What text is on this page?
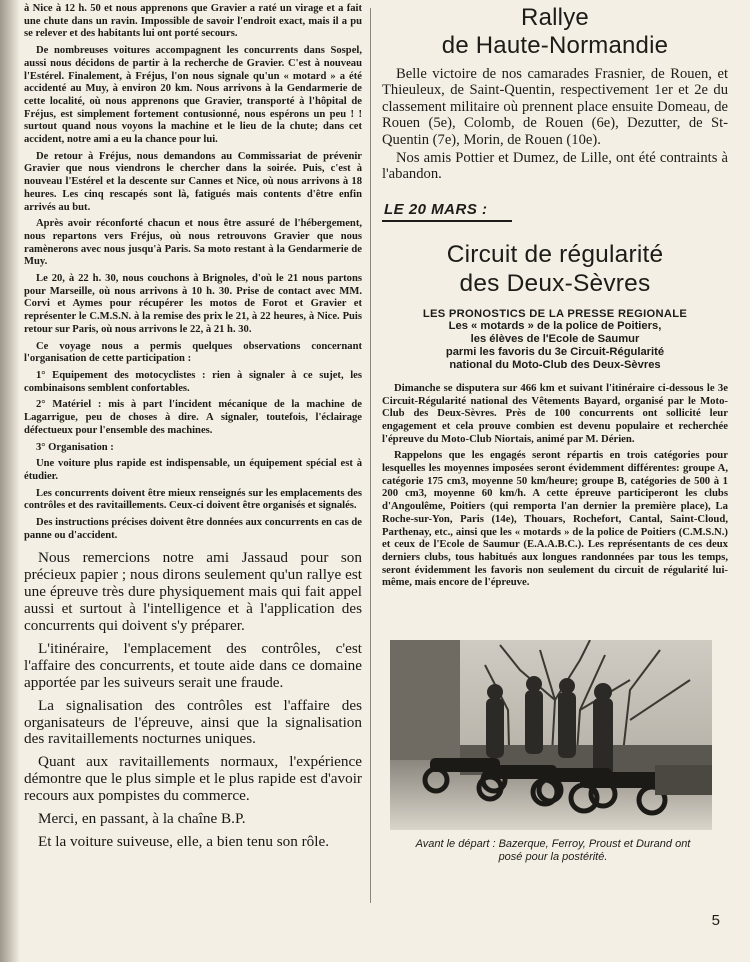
à Nice à 12 h. 50 et nous apprenons que Gravier a raté un virage et a fait une chute dans un ravin. Impossible de savoir l'endroit exact, mais il a pu se relever et des habitants lui ont porté secours.

De nombreuses voitures accompagnent les concurrents dans Sospel, aussi nous décidons de partir à la recherche de Gravier. C'est à nouveau l'Estérel. Finalement, à Fréjus, l'on nous signale qu'un « motard » a été accidenté au Muy, à environ 20 km. Nous arrivons à la Gendarmerie de cette localité, où nous apprenons que Gravier, transporté à l'hôpital de Fréjus, est simplement fortement contusionné, nous espérons un peu ! ! surtout quand nous voyons la machine et le lieu de la chute; dans cet accident, notre ami a eu la chance pour lui.

De retour à Fréjus, nous demandons au Commissariat de prévenir Gravier que nous viendrons le chercher dans la soirée. Puis, c'est à nouveau l'Estérel et la descente sur Cannes et Nice, où nous arrivons à 18 heures. Les cinq rescapés sont là, fatigués mais contents d'être enfin arrivés au but.

Après avoir réconforté chacun et nous être assuré de l'hébergement, nous repartons vers Fréjus, où nous retrouvons Gravier que nous ramènerons avec nous jusqu'à Paris. Sa moto restant à la Gendarmerie de Muy.

Le 20, à 22 h. 30, nous couchons à Brignoles, d'où le 21 nous partons pour Marseille, où nous arrivons à 10 h. 30. Prise de contact avec MM. Corvi et Aymes pour récupérer les motos de Forot et Gravier et représenter le C.M.S.N. à la remise des prix le 21, à 22 heures, à Nice. Puis retour sur Paris, où nous arrivons le 22, à 21 h. 30.

Ce voyage nous a permis quelques observations concernant l'organisation de cette participation :

1° Equipement des motocyclistes : rien à signaler à ce sujet, les combinaisons semblent confortables.

2° Matériel : mis à part l'incident mécanique de la machine de Lagarrigue, peu de choses à dire. A signaler, toutefois, l'éclairage défectueux pour l'ensemble des machines.

3° Organisation :

Une voiture plus rapide est indispensable, un équipement spécial est à étudier.

Les concurrents doivent être mieux renseignés sur les emplacements des contrôles et des ravitaillements. Ceux-ci doivent être organisés et signalés.

Des instructions précises doivent être données aux concurrents en cas de panne ou d'accident.

Nous remercions notre ami Jassaud pour son précieux papier ; nous dirons seulement qu'un rallye est une épreuve très dure physiquement mais qui fait appel aussi et surtout à l'intelligence et à l'application des concurrents qui doivent s'y préparer.

L'itinéraire, l'emplacement des contrôles, c'est l'affaire des concurrents, et toute aide dans ce domaine apportée par les suiveurs serait une fraude.

La signalisation des contrôles est l'affaire des organisateurs de l'épreuve, ainsi que la signalisation des ravitaillements nocturnes uniques.

Quant aux ravitaillements normaux, l'expérience démontre que le plus simple et le plus rapide est d'avoir recours aux pompistes du commerce.

Merci, en passant, à la chaîne B.P.

Et la voiture suiveuse, elle, a bien tenu son rôle.

Rallye
de Haute-Normandie

Belle victoire de nos camarades Frasnier, de Rouen, et Thieuleux, de Saint-Quentin, respectivement 1er et 2e du classement militaire où prennent place ensuite Domeau, de Rouen (5e), Colomb, de Rouen (6e), Dezutter, de St-Quentin (7e), Morin, de Rouen (10e).

Nos amis Pottier et Dumez, de Lille, ont été contraints à l'abandon.

LE 20 MARS :
Circuit de régularité
des Deux-Sèvres

LES PRONOSTICS DE LA PRESSE REGIONALE

Les « motards » de la police de Poitiers,
les élèves de l'Ecole de Saumur
parmi les favoris du 3e Circuit-Régularité
national du Moto-Club des Deux-Sèvres

Dimanche se disputera sur 466 km et suivant l'itinéraire ci-dessous le 3e Circuit-Régularité national des Vêtements Bayard, organisé par le Moto-Club des Deux-Sèvres. Près de 100 concurrents ont sollicité leur engagement et cela prouve combien est devenu populaire et recherchée l'épreuve du Moto-Club Niortais, animé par M. Dérien.

Rappelons que les engagés seront répartis en trois catégories pour lesquelles les moyennes imposées seront évidemment différentes: groupe A, catégorie 175 cm3, moyenne 50 km/heure; groupe B, catégories de 500 à 1 200 cm3, moyenne 60 km/h. A cette épreuve participeront les clubs d'Angoulême, Poitiers (qui remporta l'an dernier la première place), La Roche-sur-Yon, Paris (14e), Thouars, Rochefort, Cantal, Saint-Cloud, Parthenay, etc., ainsi que les « motards » de la police de Poitiers (C.M.S.N.) et ceux de l'Ecole de Saumur (E.A.A.B.C.). Les représentants de ces deux derniers clubs, tous habitués aux longues randonnées par tous les temps, seront évidemment les favoris non seulement du circuit de régularité lui-même, mais encore de l'épreuve.

Avant le départ : Bazerque, Ferroy, Proust et Durand ont
posé pour la postérité.
5
